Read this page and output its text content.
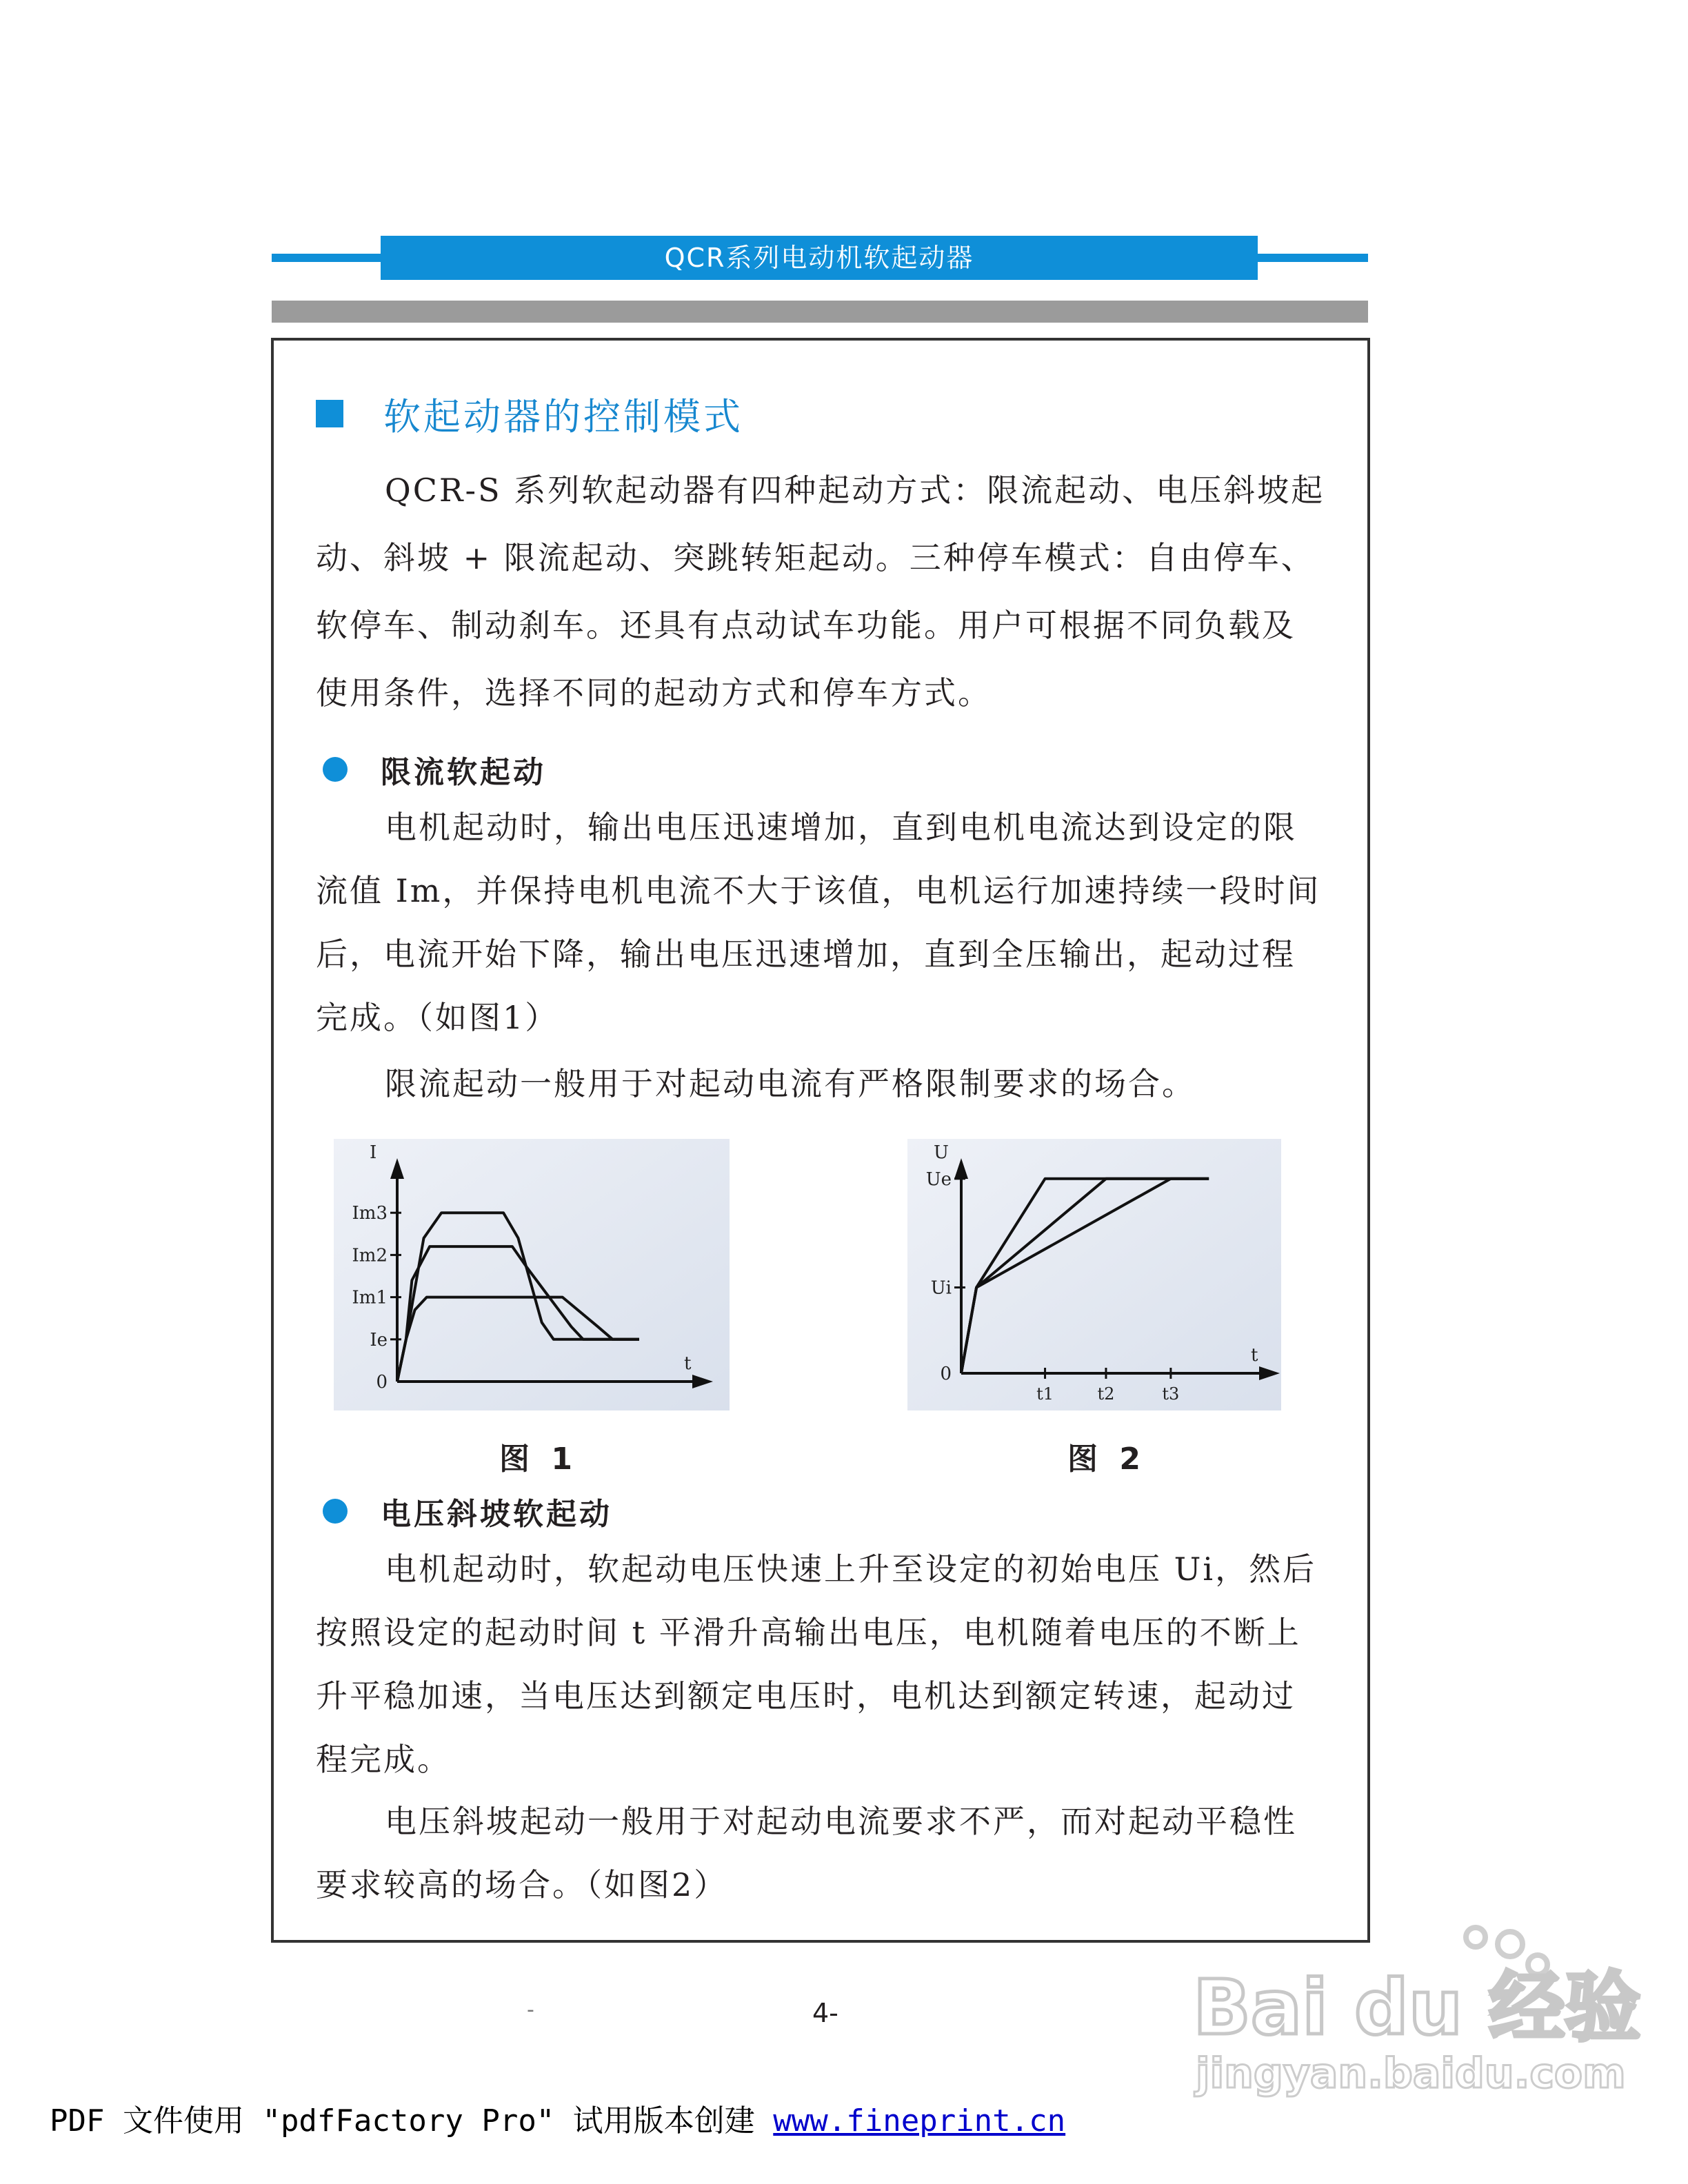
QCR系列电动机软起动器
软起动器的控制模式
QCR-S 系列软起动器有四种起动方式：限流起动、电压斜坡起动、斜坡 + 限流起动、突跳转矩起动。三种停车模式：自由停车、软停车、制动刹车。还具有点动试车功能。用户可根据不同负载及使用条件，选择不同的起动方式和停车方式。
限流软起动
电机起动时，输出电压迅速增加，直到电机电流达到设定的限流值 Im，并保持电机电流不大于该值，电机运行加速持续一段时间后，电流开始下降，输出电压迅速增加，直到全压输出，起动过程完成。（如图1）
限流起动一般用于对起动电流有严格限制要求的场合。
0
Ie
Im1
Im2
Im3
I
t
图 1
0
Ui
Ue
t1	t2	t3
U
t
图 2
电压斜坡软起动
电机起动时，软起动电压快速上升至设定的初始电压 Ui，然后按照设定的起动时间 t 平滑升高输出电压，电机随着电压的不断上升平稳加速，当电压达到额定电压时，电机达到额定转速，起动过程完成。
电压斜坡起动一般用于对起动电流要求不严，而对起动平稳性要求较高的场合。（如图2）
-	4-	Bai du 经验
jingyan.baidu.com
PDF 文件使用 "pdfFactory Pro" 试用版本创建 www.fineprint.cn
